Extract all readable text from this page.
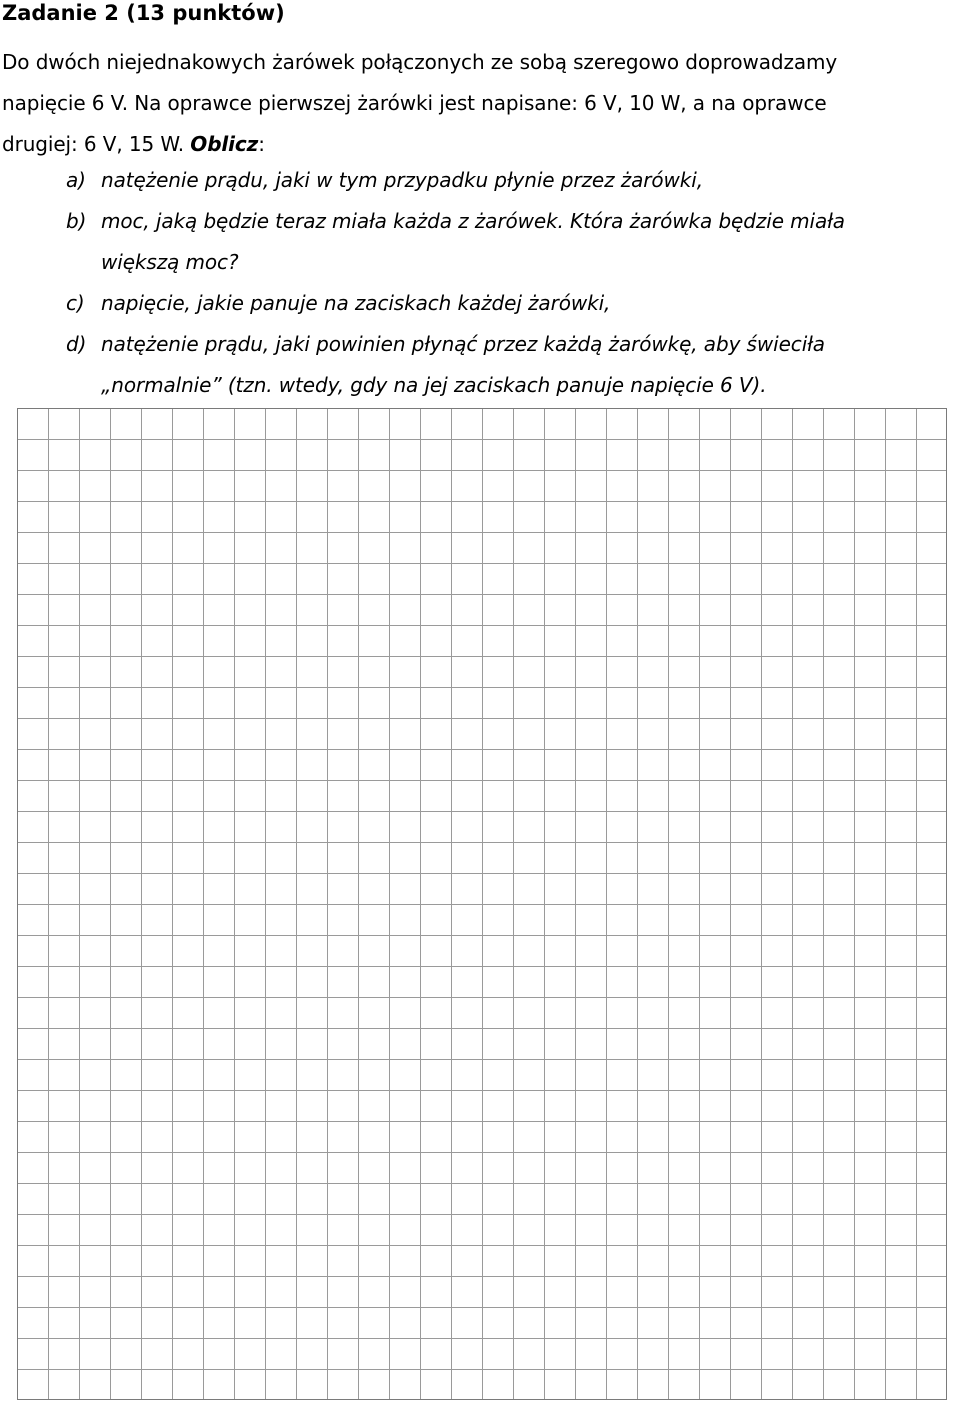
Zadanie 2 (13 punktów)
Do dwóch niejednakowych żarówek połączonych ze sobą szeregowo doprowadzamy
napięcie 6 V. Na oprawce pierwszej żarówki jest napisane: 6 V, 10 W, a na oprawce
drugiej: 6 V, 15 W. Oblicz:
a) natężenie prądu, jaki w tym przypadku płynie przez żarówki,
b) moc, jaką będzie teraz miała każda z żarówek. Która żarówka będzie miała
większą moc?
c) napięcie, jakie panuje na zaciskach każdej żarówki,
d) natężenie prądu, jaki powinien płynąć przez każdą żarówkę, aby świeciła
„normalnie” (tzn. wtedy, gdy na jej zaciskach panuje napięcie 6 V).
